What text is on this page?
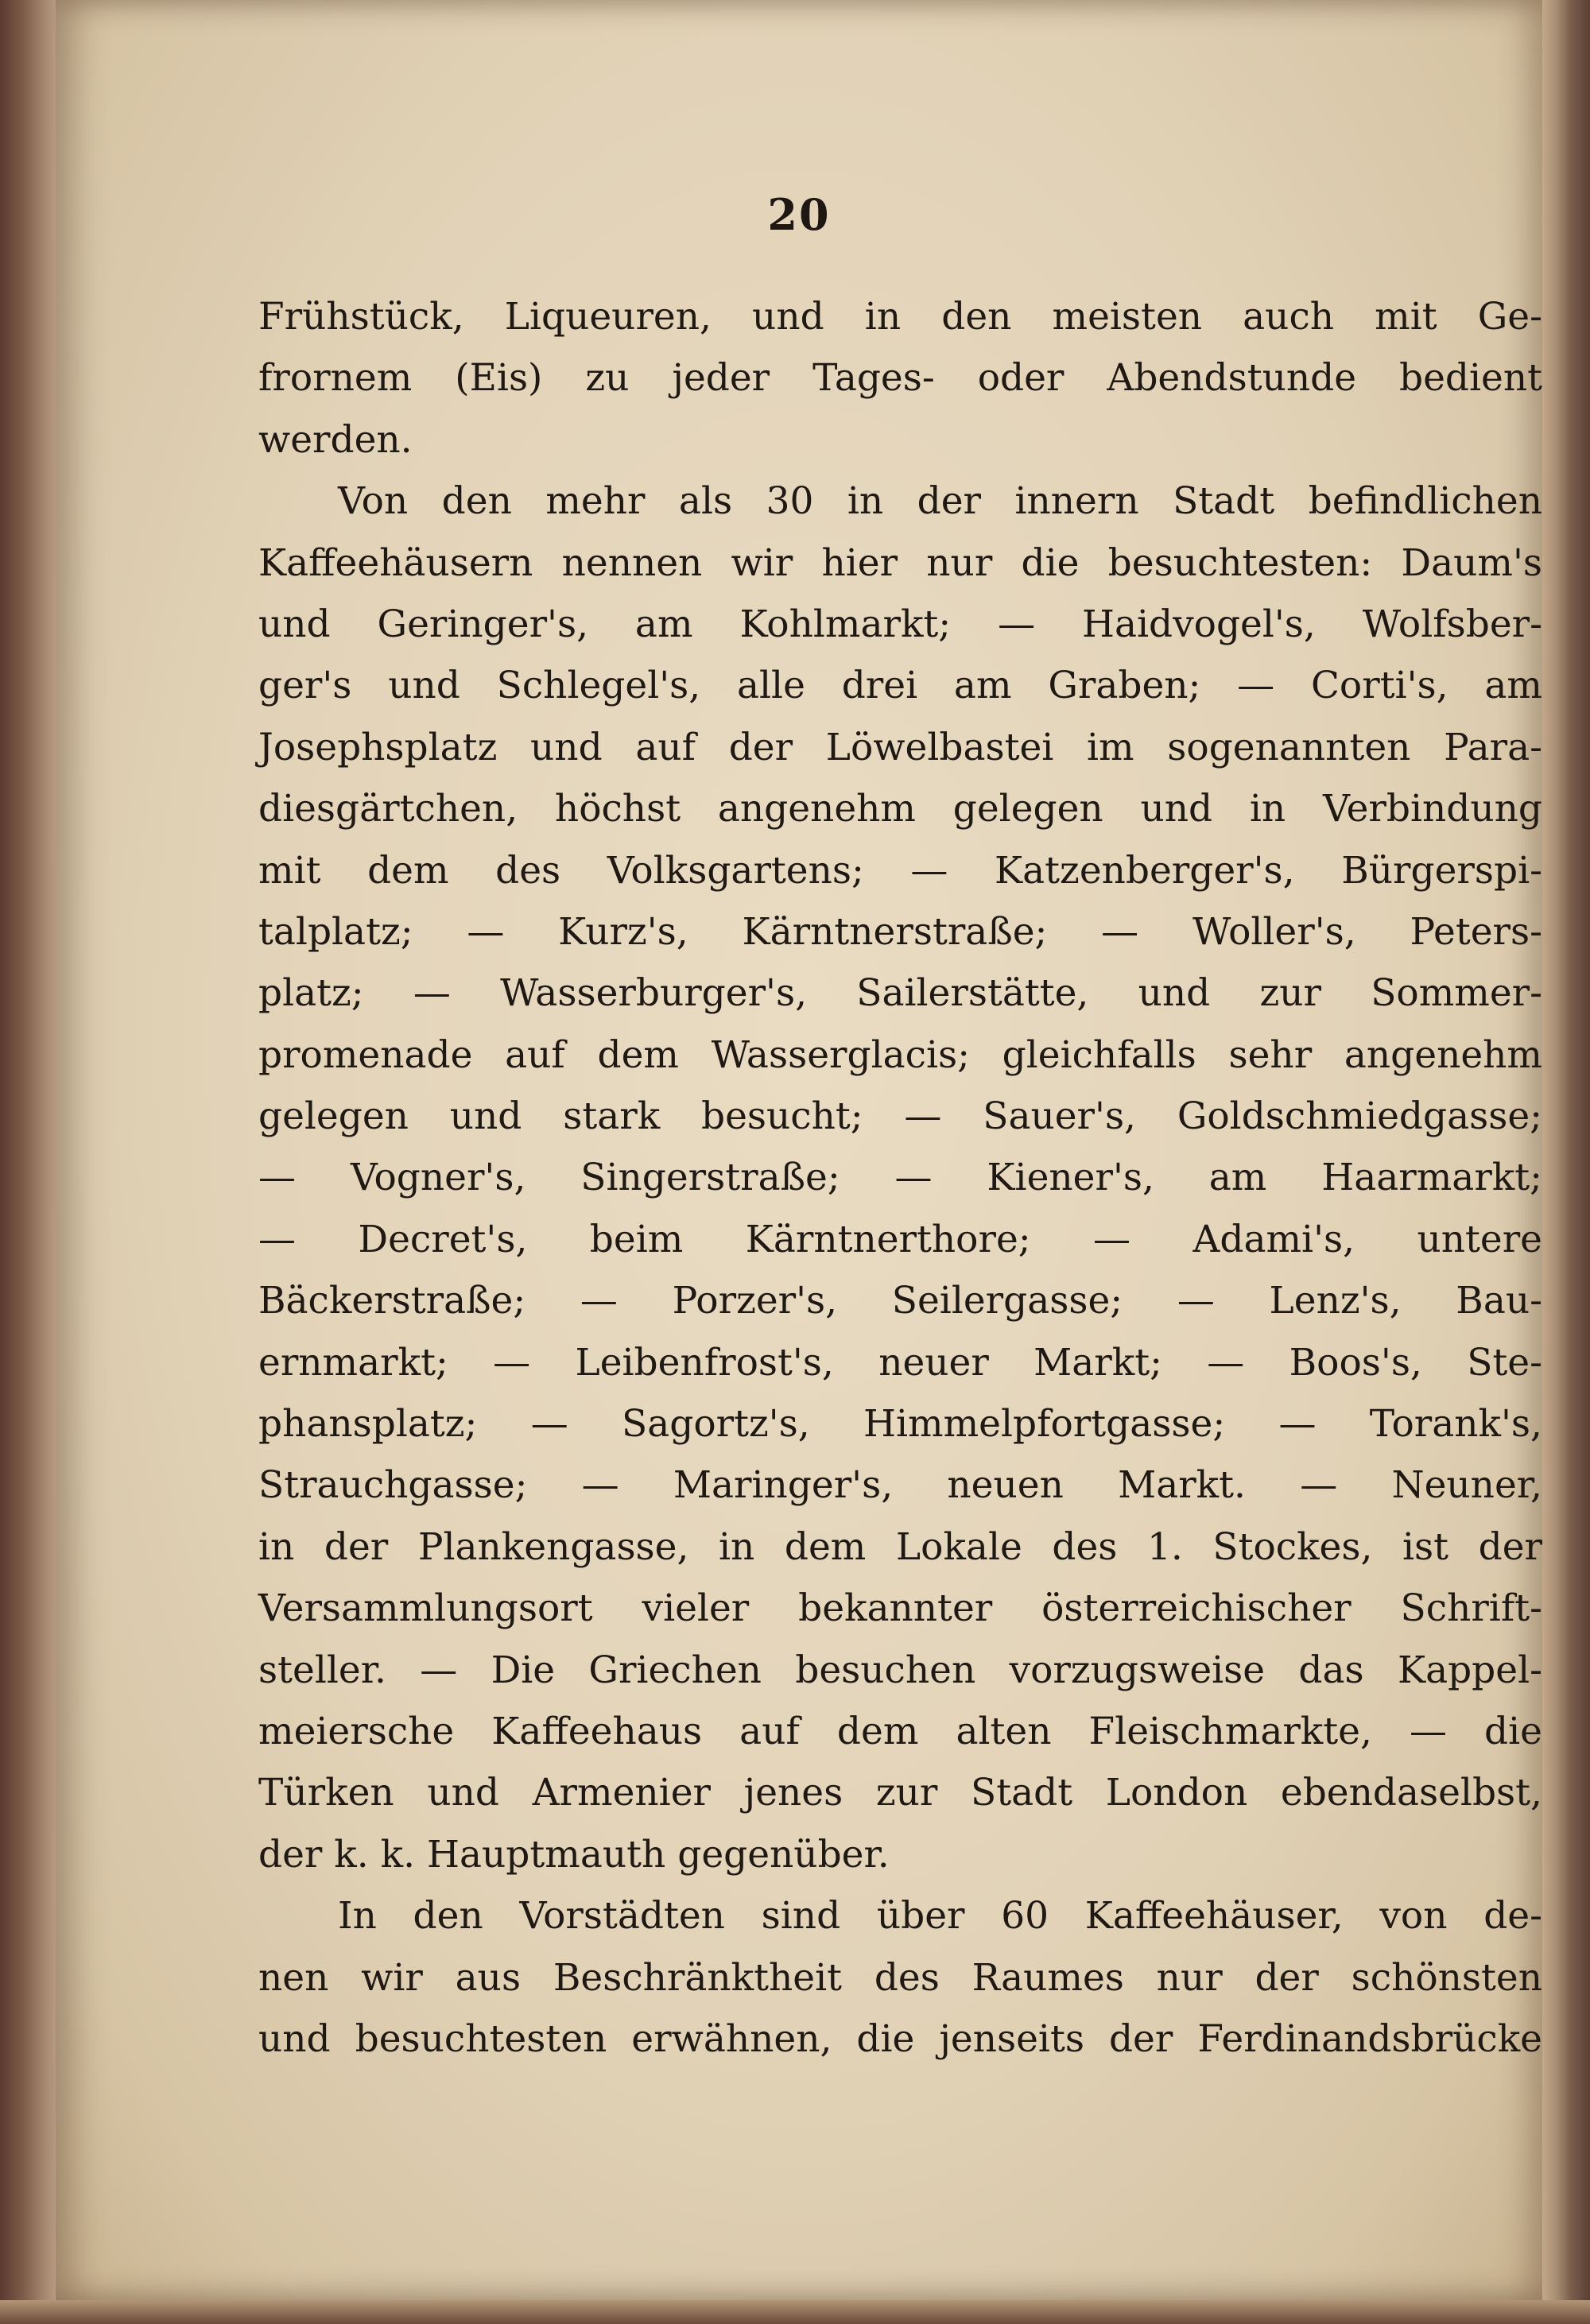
20
Frühstück, Liqueuren, und in den meisten auch mit Ge-
frornem (Eis) zu jeder Tages- oder Abendstunde bedient
werden.
Von den mehr als 30 in der innern Stadt befindlichen
Kaffeehäusern nennen wir hier nur die besuchtesten: Daum's
und Geringer's, am Kohlmarkt; — Haidvogel's, Wolfsber-
ger's und Schlegel's, alle drei am Graben; — Corti's, am
Josephsplatz und auf der Löwelbastei im sogenannten Para-
diesgärtchen, höchst angenehm gelegen und in Verbindung
mit dem des Volksgartens; — Katzenberger's, Bürgerspi-
talplatz; — Kurz's, Kärntnerstraße; — Woller's, Peters-
platz; — Wasserburger's, Sailerstätte, und zur Sommer-
promenade auf dem Wasserglacis; gleichfalls sehr angenehm
gelegen und stark besucht; — Sauer's, Goldschmiedgasse;
— Vogner's, Singerstraße; — Kiener's, am Haarmarkt;
— Decret's, beim Kärntnerthore; — Adami's, untere
Bäckerstraße; — Porzer's, Seilergasse; — Lenz's, Bau-
ernmarkt; — Leibenfrost's, neuer Markt; — Boos's, Ste-
phansplatz; — Sagortz's, Himmelpfortgasse; — Torank's,
Strauchgasse; — Maringer's, neuen Markt. — Neuner,
in der Plankengasse, in dem Lokale des 1. Stockes, ist der
Versammlungsort vieler bekannter österreichischer Schrift-
steller. — Die Griechen besuchen vorzugsweise das Kappel-
meiersche Kaffeehaus auf dem alten Fleischmarkte, — die
Türken und Armenier jenes zur Stadt London ebendaselbst,
der k. k. Hauptmauth gegenüber.
In den Vorstädten sind über 60 Kaffeehäuser, von de-
nen wir aus Beschränktheit des Raumes nur der schönsten
und besuchtesten erwähnen, die jenseits der Ferdinandsbrücke
